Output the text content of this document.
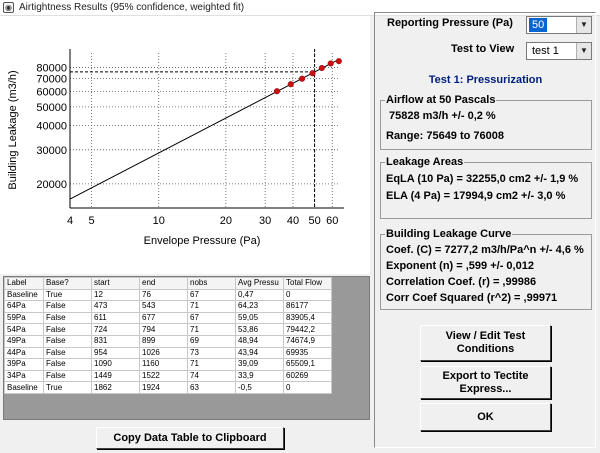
◉ Airtightness Results (95% confidence, weighted fit)
4 5	10	20 30 40 50 60
20000
30000
40000
50000
60000
70000
80000
Envelope Pressure (Pa)
Building Leakage (m3/h)
Label	Base?	start	end	nobs	Avg Pressu	Total Flow
Baseline	True	12	76	67	0,47	0
64Pa	False	473	543	71	64,23	86177
59Pa	False	611	677	67	59,05	83905,4
54Pa	False	724	794	71	53,86	79442,2
49Pa	False	831	899	69	48,94	74674,9
44Pa	False	954	1026	73	43,94	69935
39Pa	False	1090	1160	71	39,09	65509,1
34Pa	False	1449	1522	74	33,9	60269
Baseline	True	1862	1924	63	-0,5	0
Copy Data Table to Clipboard
Reporting Pressure (Pa) 50	▼
Test to View test 1	▼
Test 1: Pressurization
Airflow at 50 Pascals
75828 m3/h +/- 0,2 %
Range: 75649 to 76008
Leakage Areas
EqLA (10 Pa) = 32255,0 cm2 +/- 1,9 %
ELA (4 Pa) = 17994,9 cm2 +/- 3,0 %
Building Leakage Curve
Coef. (C) = 7277,2 m3/h/Pa^n +/- 4,6 %
Exponent (n) = ,599 +/- 0,012
Correlation Coef. (r) = ,99986
Corr Coef Squared (r^2) = ,99971
View / Edit Test
Conditions
Export to Tectite
Express...
OK
